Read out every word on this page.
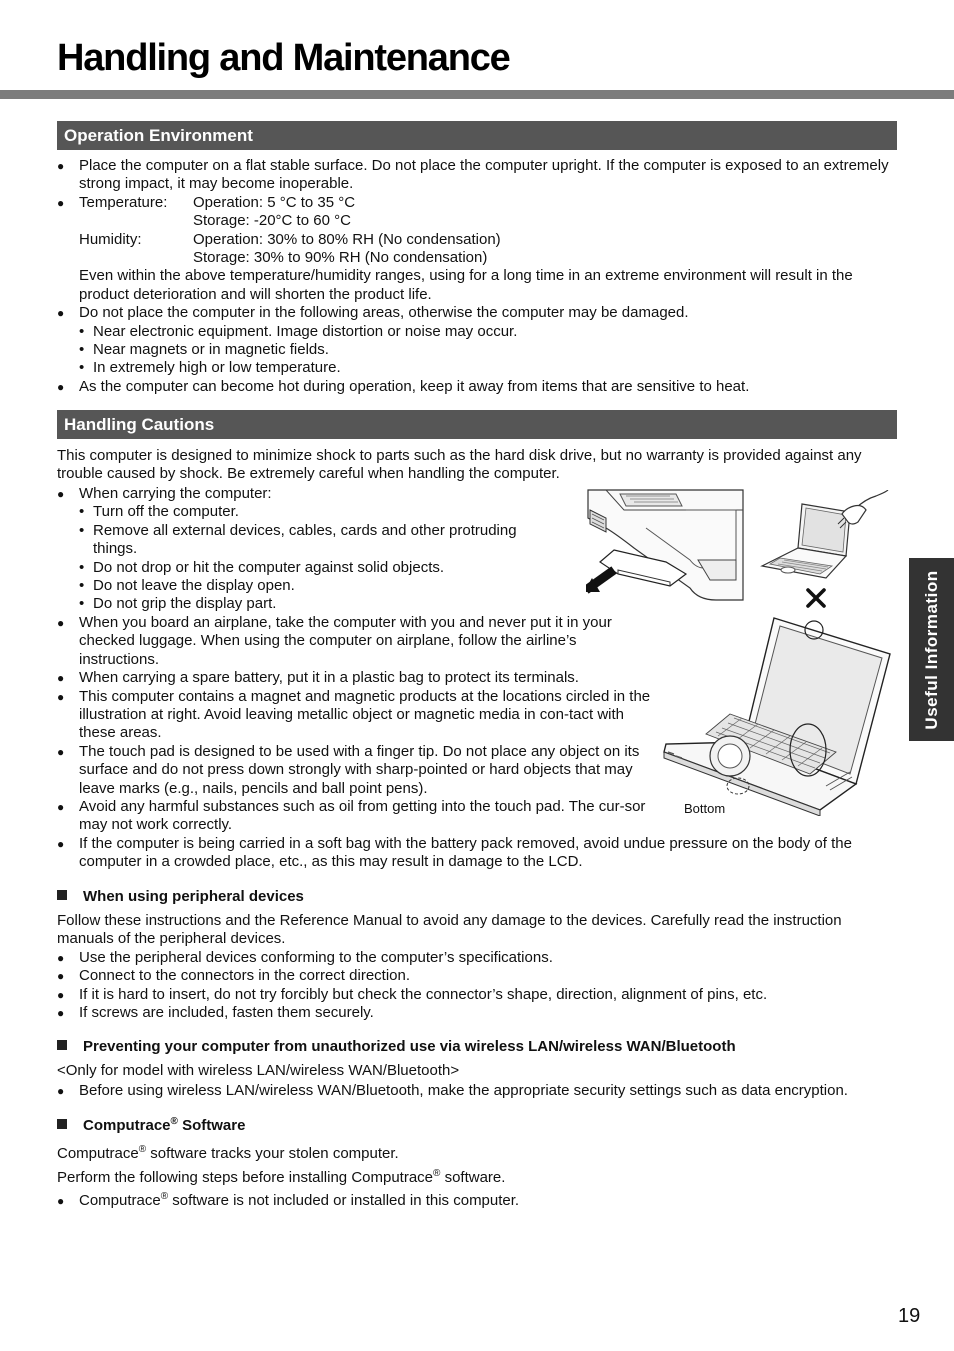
Handling and Maintenance
Operation Environment
● Place the computer on a flat stable surface. Do not place the computer upright. If the computer is exposed to an extremely strong impact, it may become inoperable.
● Temperature:	Operation: 5 °C to 35 °C
Storage: -20°C to 60 °C
Humidity:	Operation: 30% to 80% RH (No condensation)
Storage: 30% to 90% RH (No condensation)
Even within the above temperature/humidity ranges, using for a long time in an extreme environment will result in the product deterioration and will shorten the product life.
● Do not place the computer in the following areas, otherwise the computer may be damaged.
• Near electronic equipment. Image distortion or noise may occur.
• Near magnets or in magnetic fields.
• In extremely high or low temperature.
● As the computer can become hot during operation, keep it away from items that are sensitive to heat.
Handling Cautions
This computer is designed to minimize shock to parts such as the hard disk drive, but no warranty is provided against any trouble caused by shock. Be extremely careful when handling the computer.
● When carrying the computer:
• Turn off the computer.
• Remove all external devices, cables, cards and other protruding things.
• Do not drop or hit the computer against solid objects.
• Do not leave the display open.
• Do not grip the display part.
● When you board an airplane, take the computer with you and never put it in your checked luggage. When using the computer on airplane, follow the airline’s instructions.
● When carrying a spare battery, put it in a plastic bag to protect its terminals.
● This computer contains a magnet and magnetic products at the locations circled in the illustration at right. Avoid leaving metallic object or magnetic media in con-tact with these areas.
● The touch pad is designed to be used with a finger tip. Do not place any object on its surface and do not press down strongly with sharp-pointed or hard objects that may leave marks (e.g., nails, pencils and ball point pens).
● Avoid any harmful substances such as oil from getting into the touch pad. The cur-sor may not work correctly.
● If the computer is being carried in a soft bag with the battery pack removed, avoid undue pressure on the body of the computer in a crowded place, etc., as this may result in damage to the LCD.
Bottom
When using peripheral devices
Follow these instructions and the Reference Manual to avoid any damage to the devices. Carefully read the instruction manuals of the peripheral devices.
● Use the peripheral devices conforming to the computer’s specifications.
● Connect to the connectors in the correct direction.
● If it is hard to insert, do not try forcibly but check the connector’s shape, direction, alignment of pins, etc.
● If screws are included, fasten them securely.
Preventing your computer from unauthorized use via wireless LAN/wireless WAN/Bluetooth
<Only for model with wireless LAN/wireless WAN/Bluetooth>
● Before using wireless LAN/wireless WAN/Bluetooth, make the appropriate security settings such as data encryption.
Computrace® Software
Computrace® software tracks your stolen computer.
Perform the following steps before installing Computrace® software.
● Computrace® software is not included or installed in this computer.
Useful Information
19
